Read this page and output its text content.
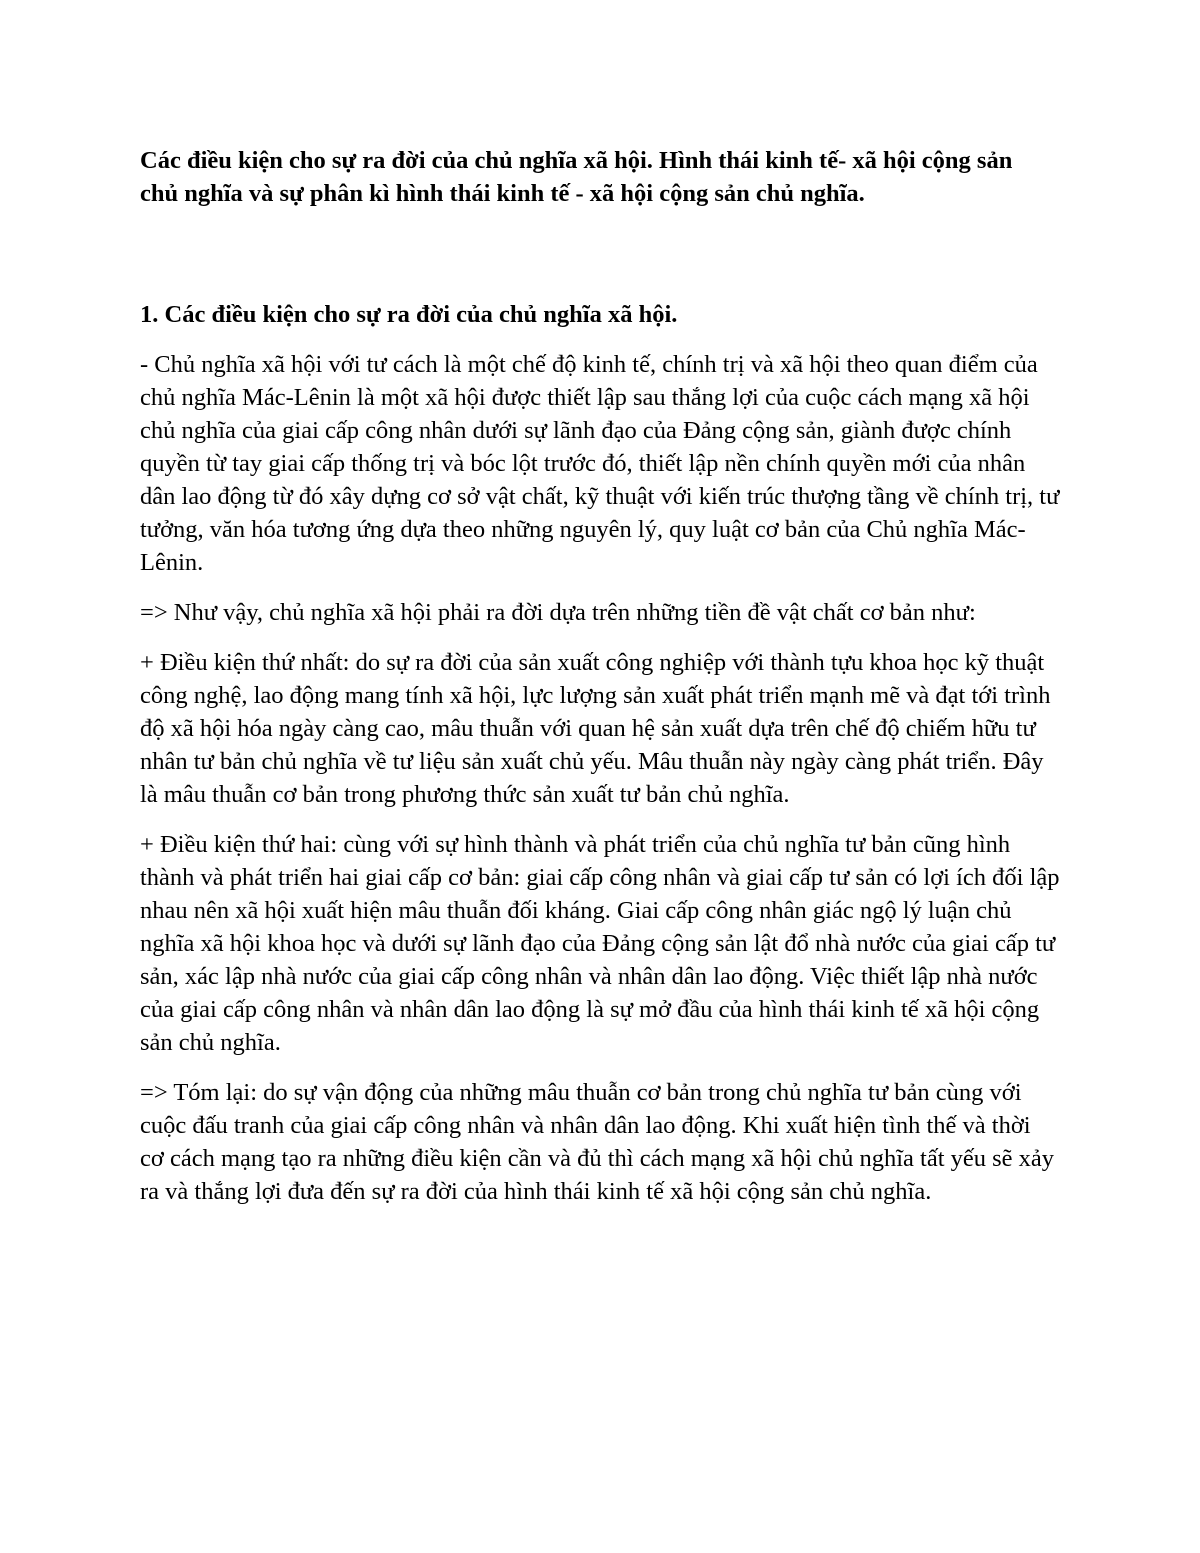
Các điều kiện cho sự ra đời của chủ nghĩa xã hội. Hình thái kinh tế- xã hội cộng sản chủ nghĩa và sự phân kì hình thái kinh tế - xã hội cộng sản chủ nghĩa.

1. Các điều kiện cho sự ra đời của chủ nghĩa xã hội.

- Chủ nghĩa xã hội với tư cách là một chế độ kinh tế, chính trị và xã hội theo quan điểm của chủ nghĩa Mác-Lênin là một xã hội được thiết lập sau thắng lợi của cuộc cách mạng xã hội chủ nghĩa của giai cấp công nhân dưới sự lãnh đạo của Đảng cộng sản, giành được chính quyền từ tay giai cấp thống trị và bóc lột trước đó, thiết lập nền chính quyền mới của nhân dân lao động từ đó xây dựng cơ sở vật chất, kỹ thuật với kiến trúc thượng tầng về chính trị, tư tưởng, văn hóa tương ứng dựa theo những nguyên lý, quy luật cơ bản của Chủ nghĩa Mác-Lênin.

=> Như vậy, chủ nghĩa xã hội phải ra đời dựa trên những tiền đề vật chất cơ bản như:

+ Điều kiện thứ nhất: do sự ra đời của sản xuất công nghiệp với thành tựu khoa học kỹ thuật công nghệ, lao động mang tính xã hội, lực lượng sản xuất phát triển mạnh mẽ và đạt tới trình độ xã hội hóa ngày càng cao, mâu thuẫn với quan hệ sản xuất dựa trên chế độ chiếm hữu tư nhân tư bản chủ nghĩa về tư liệu sản xuất chủ yếu. Mâu thuẫn này ngày càng phát triển. Đây là mâu thuẫn cơ bản trong phương thức sản xuất tư bản chủ nghĩa.

+ Điều kiện thứ hai: cùng với sự hình thành và phát triển của chủ nghĩa tư bản cũng hình thành và phát triển hai giai cấp cơ bản: giai cấp công nhân và giai cấp tư sản có lợi ích đối lập nhau nên xã hội xuất hiện mâu thuẫn đối kháng. Giai cấp công nhân giác ngộ lý luận chủ nghĩa xã hội khoa học và dưới sự lãnh đạo của Đảng cộng sản lật đổ nhà nước của giai cấp tư sản, xác lập nhà nước của giai cấp công nhân và nhân dân lao động. Việc thiết lập nhà nước của giai cấp công nhân và nhân dân lao động là sự mở đầu của hình thái kinh tế xã hội cộng sản chủ nghĩa.

=> Tóm lại: do sự vận động của những mâu thuẫn cơ bản trong chủ nghĩa tư bản cùng với cuộc đấu tranh của giai cấp công nhân và nhân dân lao động. Khi xuất hiện tình thế và thời cơ cách mạng tạo ra những điều kiện cần và đủ thì cách mạng xã hội chủ nghĩa tất yếu sẽ xảy ra và thắng lợi đưa đến sự ra đời của hình thái kinh tế xã hội cộng sản chủ nghĩa.
